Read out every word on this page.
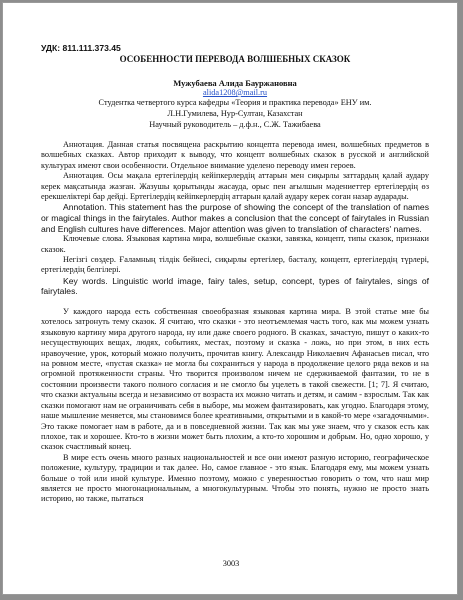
УДК: 811.111.373.45

ОСОБЕННОСТИ ПЕРЕВОДА ВОЛШЕБНЫХ СКАЗОК

Мужубаева Алида Бауржановна

alida1208@mail.ru

Студентка четвертого курса кафедры «Теория и практика перевода» ЕНУ им.

Л.Н.Гумилева, Нур-Султан, Казахстан

Научный руководитель – д.ф.н., С.Ж. Тажибаева

Аннотация. Данная статья посвящена раскрытию концепта перевода имен, волшебных предметов в волшебных сказках. Автор приходит к выводу, что концепт волшебных сказок в русской и английской культурах имеют свои особенности. Отдельное внимание уделено переводу имен героев.

Аннотация. Осы мақала ертегілердің кейіпкерлердің аттарын мен сиқырлы заттардың қалай аудару керек мақсатында жазған. Жазушы қорытынды жасауда, орыс пен ағылшын мәдениеттер ертегілердің өз ерекшеліктері бар дейді. Ертегілердің кейіпкерлердің аттарын қалай аудару керек соған назар аударады.

Annotation. This statement has the purpose of showing the concept of the translation of names or magical things in the fairytales. Author makes a conclusion that the concept of fairytales in Russian and English cultures have differences. Major attention was given to translation of characters' names.

Ключевые слова. Языковая картина мира, волшебные сказки, завязка, концепт, типы сказок, признаки сказок.

Негізгі сөздер. Ғаламның тілдік бейнесі, сиқырлы ертегілер, басталу, концепт, ертегілердің түрлері, ертегілердің белгілері.

Key words. Linguistic world image, fairy tales, setup, concept, types of fairytales, sings of fairytales.

У каждого народа есть собственная своеобразная языковая картина мира. В этой статье мне бы хотелось затронуть тему сказок. Я считаю, что сказки - это неотъемлемая часть того, как мы можем узнать языковую картину мира другого народа, ну или даже своего родного. В сказках, зачастую, пишут о каких-то несуществующих вещах, людях, событиях, местах, поэтому и сказка - ложь, но при этом, в них есть нравоучение, урок, который можно получить, прочитав книгу. Александр Николаевич Афанасьев писал, что на ровном месте, «пустая сказка» не могла бы сохраниться у народа в продолжение целого ряда веков и на огромной протяженности страны. Что творится произволом ничем не сдерживаемой фантазии, то не в состоянии произвести такого полного согласия и не смогло бы уцелеть в такой свежести. [1; 7]. Я считаю, что сказки актуальны всегда и независимо от возраста их можно читать и детям, и самим - взрослым. Так как сказки помогают нам не ограничивать себя в выборе, мы можем фантазировать, как угодно. Благодаря этому, наше мышление меняется, мы становимся более креативными, открытыми и в какой-то мере «загадочными». Это также помогает нам в работе, да и в повседневной жизни. Так как мы уже знаем, что у сказок есть как плохое, так и хорошее. Кто-то в жизни может быть плохим, а кто-то хорошим и добрым. Но, одно хорошо, у сказок счастливый конец.

В мире есть очень много разных национальностей и все они имеют разную историю, географическое положение, культуру, традиции и так далее. Но, самое главное - это язык. Благодаря ему, мы можем узнать больше о той или иной культуре. Именно поэтому, можно с уверенностью говорить о том, что наш мир является не просто многонациональным, а многокультурным. Чтобы это понять, нужно не просто знать историю, но также, пытаться

3003
